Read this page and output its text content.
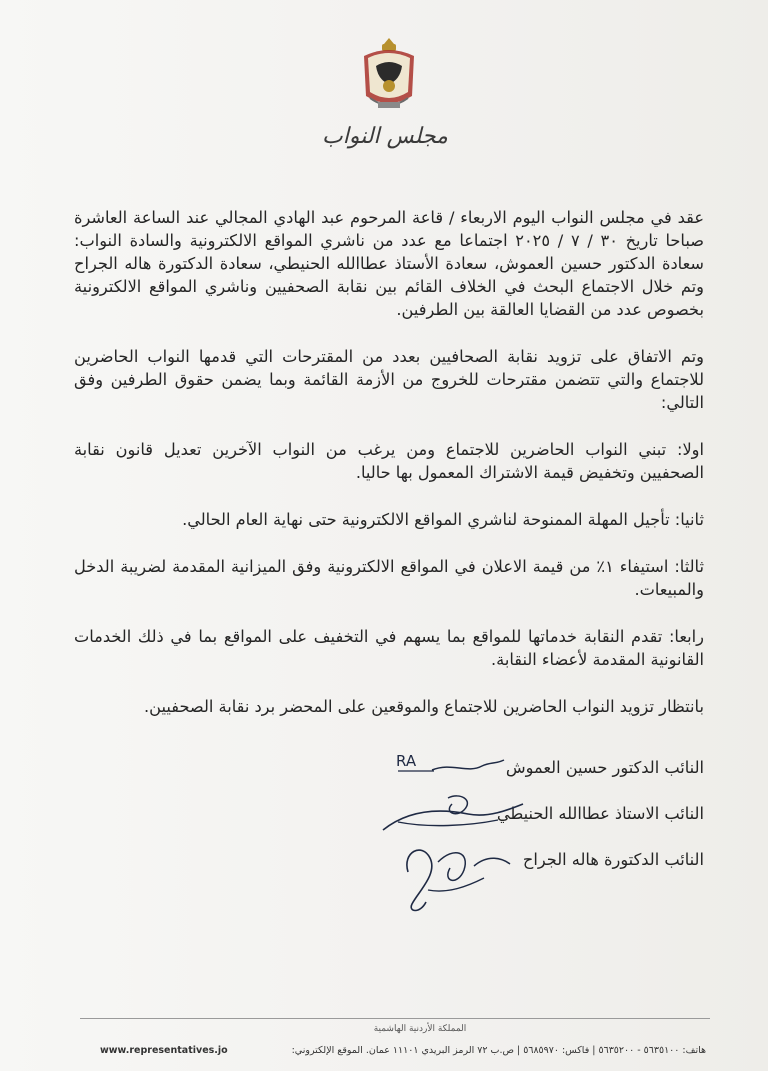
مجلس النواب

عقد في مجلس النواب اليوم الاربعاء / قاعة المرحوم عبد الهادي المجالي عند الساعة العاشرة صباحا تاريخ ٣٠ / ٧ / ٢٠٢٥ اجتماعا مع عدد من ناشري المواقع الالكترونية والسادة النواب: سعادة الدكتور حسين العموش، سعادة الأستاذ عطاالله الحنيطي، سعادة الدكتورة هاله الجراح وتم خلال الاجتماع البحث في الخلاف القائم بين نقابة الصحفيين وناشري المواقع الالكترونية بخصوص عدد من القضايا العالقة بين الطرفين.

وتم الاتفاق على تزويد نقابة الصحافيين بعدد من المقترحات التي قدمها النواب الحاضرين للاجتماع والتي تتضمن مقترحات للخروج من الأزمة القائمة وبما يضمن حقوق الطرفين وفق التالي:

اولا: تبني النواب الحاضرين للاجتماع ومن يرغب من النواب الآخرين تعديل قانون نقابة الصحفيين وتخفيض قيمة الاشتراك المعمول بها حاليا.

ثانيا: تأجيل المهلة الممنوحة لناشري المواقع الالكترونية حتى نهاية العام الحالي.

ثالثا: استيفاء ١٪ من قيمة الاعلان في المواقع الالكترونية وفق الميزانية المقدمة لضريبة الدخل والمبيعات.

رابعا: تقدم النقابة خدماتها للمواقع بما يسهم في التخفيف على المواقع بما في ذلك الخدمات القانونية المقدمة لأعضاء النقابة.

بانتظار تزويد النواب الحاضرين للاجتماع والموقعين على المحضر برد نقابة الصحفيين.

النائب الدكتور حسين العموش
النائب الاستاذ عطاالله الحنيطي
النائب الدكتورة هاله الجراح
RA
المملكة الأردنية الهاشمية
هاتف: ٥٦٣٥١٠٠ - ٥٦٣٥٢٠٠ | فاكس: ٥٦٨٥٩٧٠ | ص.ب ٧٢ الرمز البريدي ١١١٠١ عمان. الموقع الإلكتروني:
www.representatives.jo
